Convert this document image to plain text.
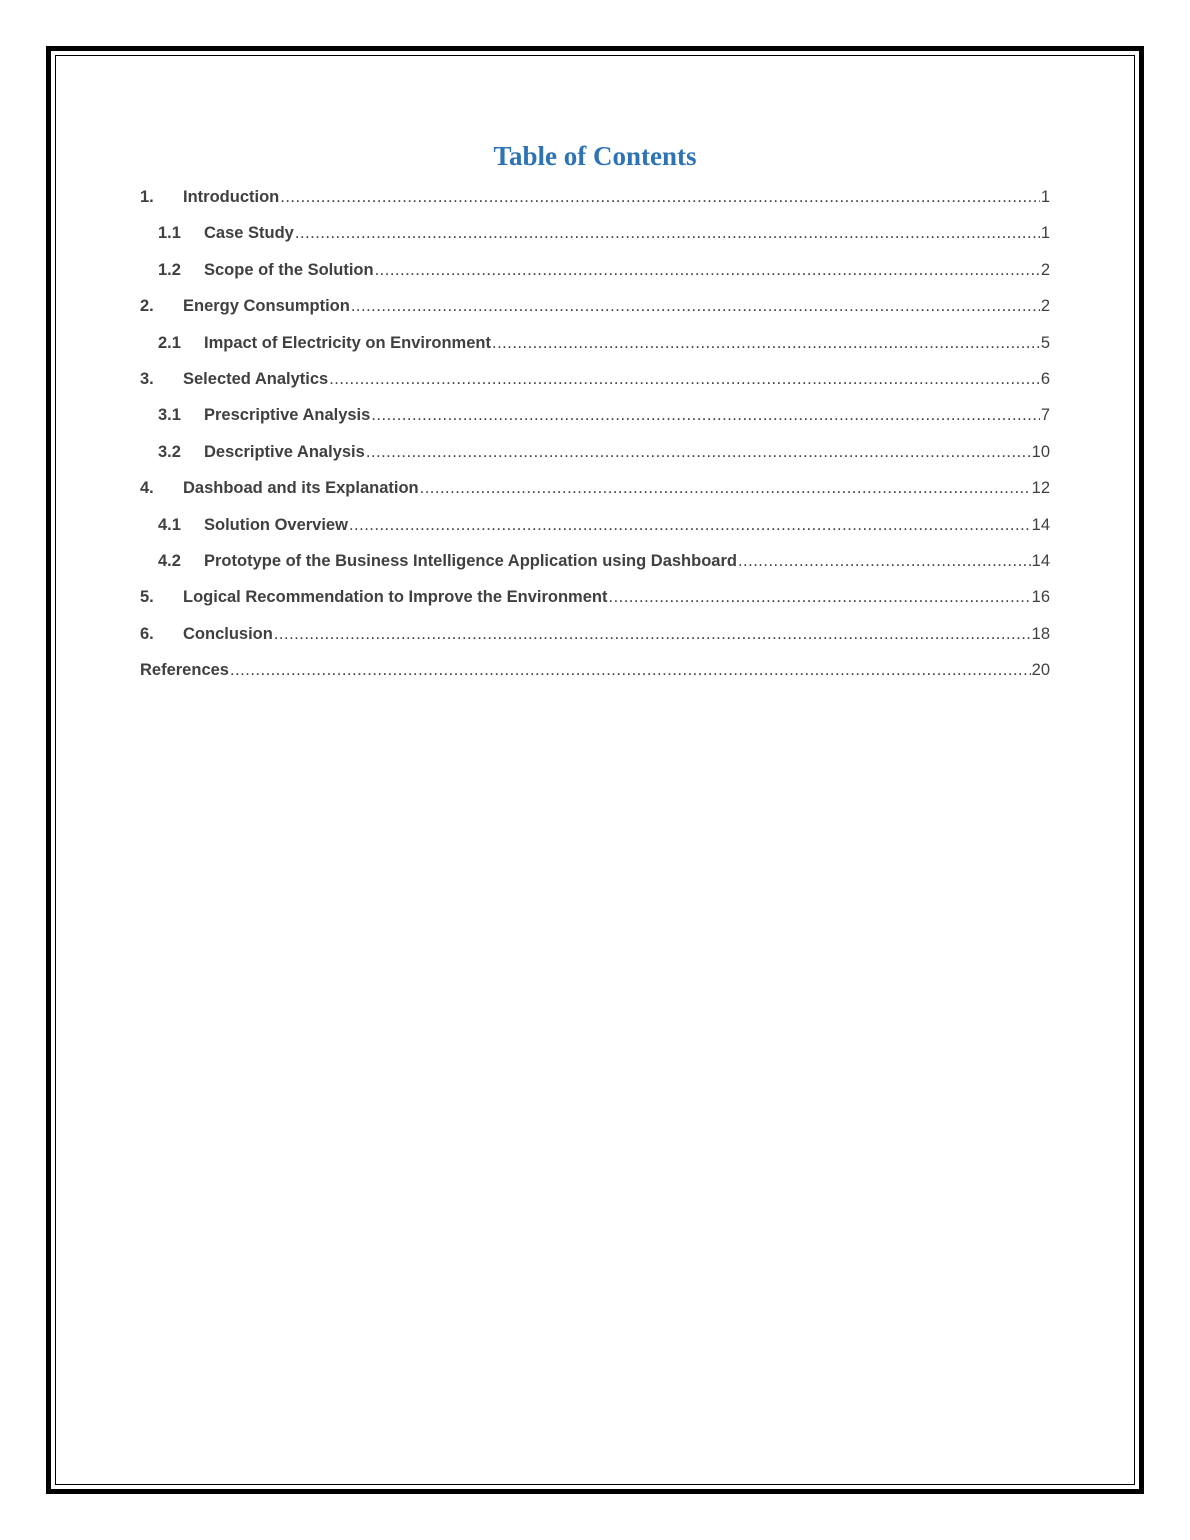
Table of Contents
1.	Introduction .....	1
1.1	Case Study .....	1
1.2	Scope of the Solution .....	2
2.	Energy Consumption .....	2
2.1	Impact of Electricity on Environment .....	5
3.	Selected Analytics .....	6
3.1	Prescriptive Analysis .....	7
3.2	Descriptive Analysis .....	10
4.	Dashboad and its Explanation .....	12
4.1	Solution Overview .....	14
4.2	Prototype of the Business Intelligence Application using Dashboard .....	14
5.	Logical Recommendation to Improve the Environment .....	16
6.	Conclusion .....	18
References .....	20
